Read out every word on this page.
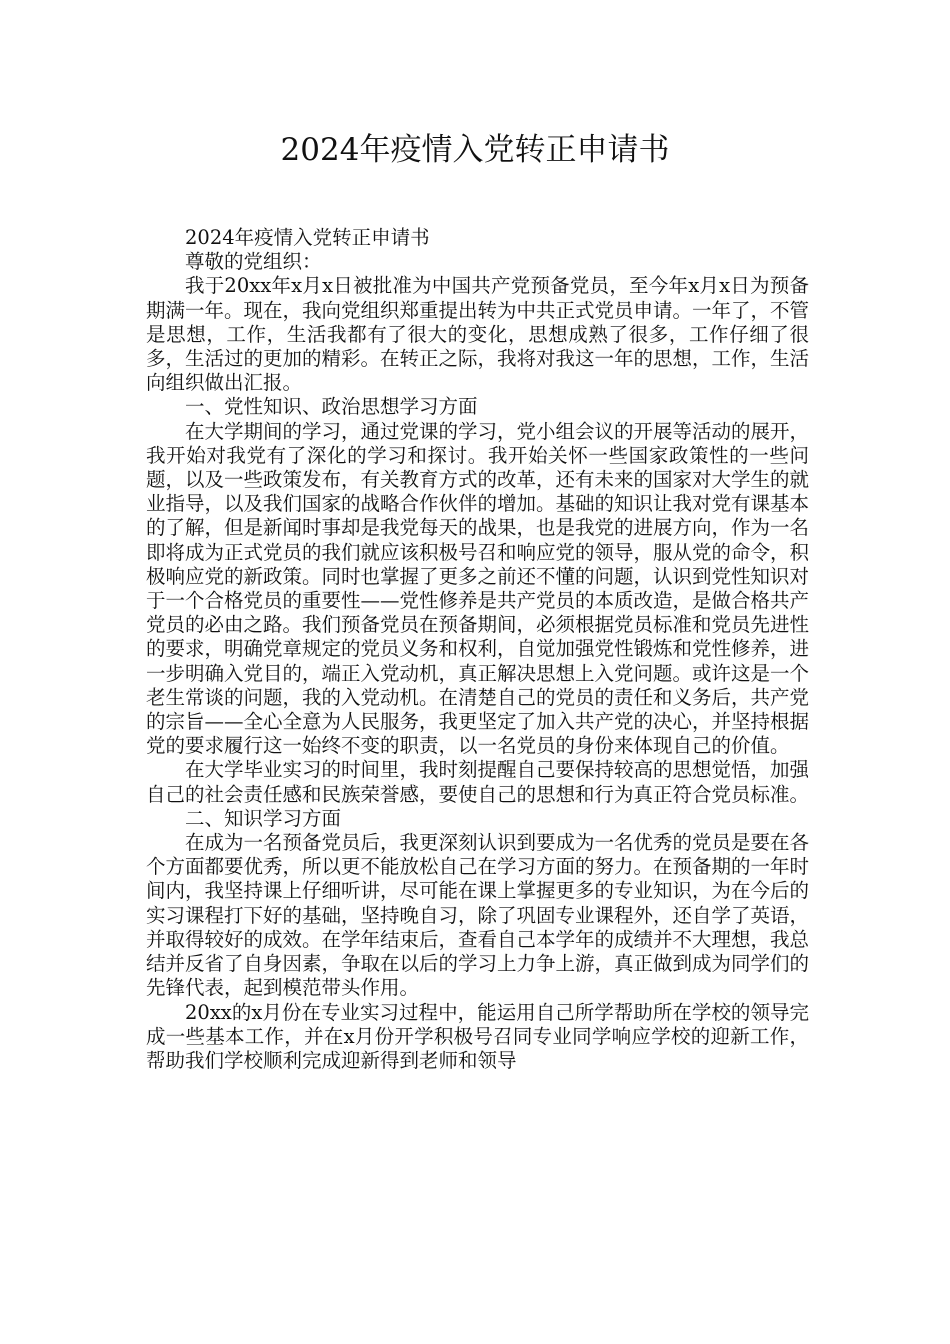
2024年疫情入党转正申请书

2024年疫情入党转正申请书

尊敬的党组织：

我于20xx年x月x日被批准为中国共产党预备党员，至今年x月x日为预备期满一年。现在，我向党组织郑重提出转为中共正式党员申请。一年了，不管是思想，工作，生活我都有了很大的变化，思想成熟了很多，工作仔细了很多，生活过的更加的精彩。在转正之际，我将对我这一年的思想，工作，生活向组织做出汇报。

一、党性知识、政治思想学习方面

在大学期间的学习，通过党课的学习，党小组会议的开展等活动的展开，我开始对我党有了深化的学习和探讨。我开始关怀一些国家政策性的一些问题，以及一些政策发布，有关教育方式的改革，还有未来的国家对大学生的就业指导，以及我们国家的战略合作伙伴的增加。基础的知识让我对党有课基本的了解，但是新闻时事却是我党每天的战果，也是我党的进展方向，作为一名即将成为正式党员的我们就应该积极号召和响应党的领导，服从党的命令，积极响应党的新政策。同时也掌握了更多之前还不懂的问题，认识到党性知识对于一个合格党员的重要性——党性修养是共产党员的本质改造，是做合格共产党员的必由之路。我们预备党员在预备期间，必须根据党员标准和党员先进性的要求，明确党章规定的党员义务和权利，自觉加强党性锻炼和党性修养，进一步明确入党目的，端正入党动机，真正解决思想上入党问题。或许这是一个老生常谈的问题，我的入党动机。在清楚自己的党员的责任和义务后，共产党的宗旨——全心全意为人民服务，我更坚定了加入共产党的决心，并坚持根据党的要求履行这一始终不变的职责，以一名党员的身份来体现自己的价值。

在大学毕业实习的时间里，我时刻提醒自己要保持较高的思想觉悟，加强自己的社会责任感和民族荣誉感，要使自己的思想和行为真正符合党员标准。

二、知识学习方面

在成为一名预备党员后，我更深刻认识到要成为一名优秀的党员是要在各个方面都要优秀，所以更不能放松自己在学习方面的努力。在预备期的一年时间内，我坚持课上仔细听讲，尽可能在课上掌握更多的专业知识，为在今后的实习课程打下好的基础，坚持晚自习，除了巩固专业课程外，还自学了英语，并取得较好的成效。在学年结束后，查看自己本学年的成绩并不大理想，我总结并反省了自身因素，争取在以后的学习上力争上游，真正做到成为同学们的先锋代表，起到模范带头作用。

20xx的x月份在专业实习过程中，能运用自己所学帮助所在学校的领导完成一些基本工作，并在x月份开学积极号召同专业同学响应学校的迎新工作，帮助我们学校顺利完成迎新得到老师和领导
